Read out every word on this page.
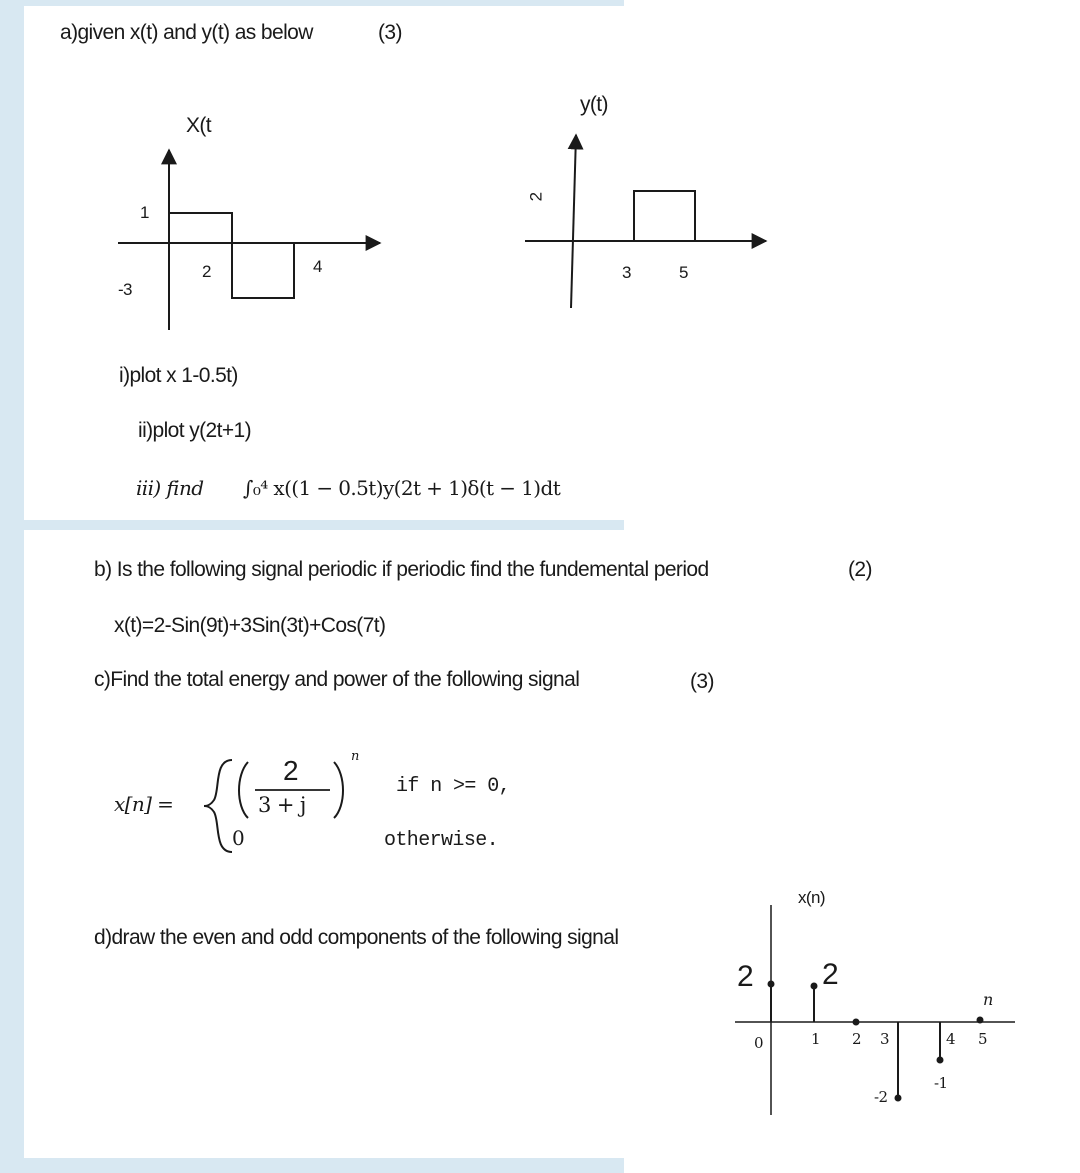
a)given x(t) and y(t) as below	(3)
X(t
1
-3
2	4
y(t)
2
3	5
i)plot x 1-0.5t)
ii)plot y(2t+1)
iii) find ∫₀⁴ x((1 − 0.5t)y(2t + 1)δ(t − 1)dt
b) Is the following signal periodic if periodic find the fundemental period	(2)
x(t)=2-Sin(9t)+3Sin(3t)+Cos(7t)
c)Find the total energy and power of the following signal	(3)
x[n] =
2
3 + j
n
if n >= 0,
0	otherwise.
d)draw the even and odd components of the following signal
x(n)
n
2 2
0	1 2 3	4 5
-1
-2
